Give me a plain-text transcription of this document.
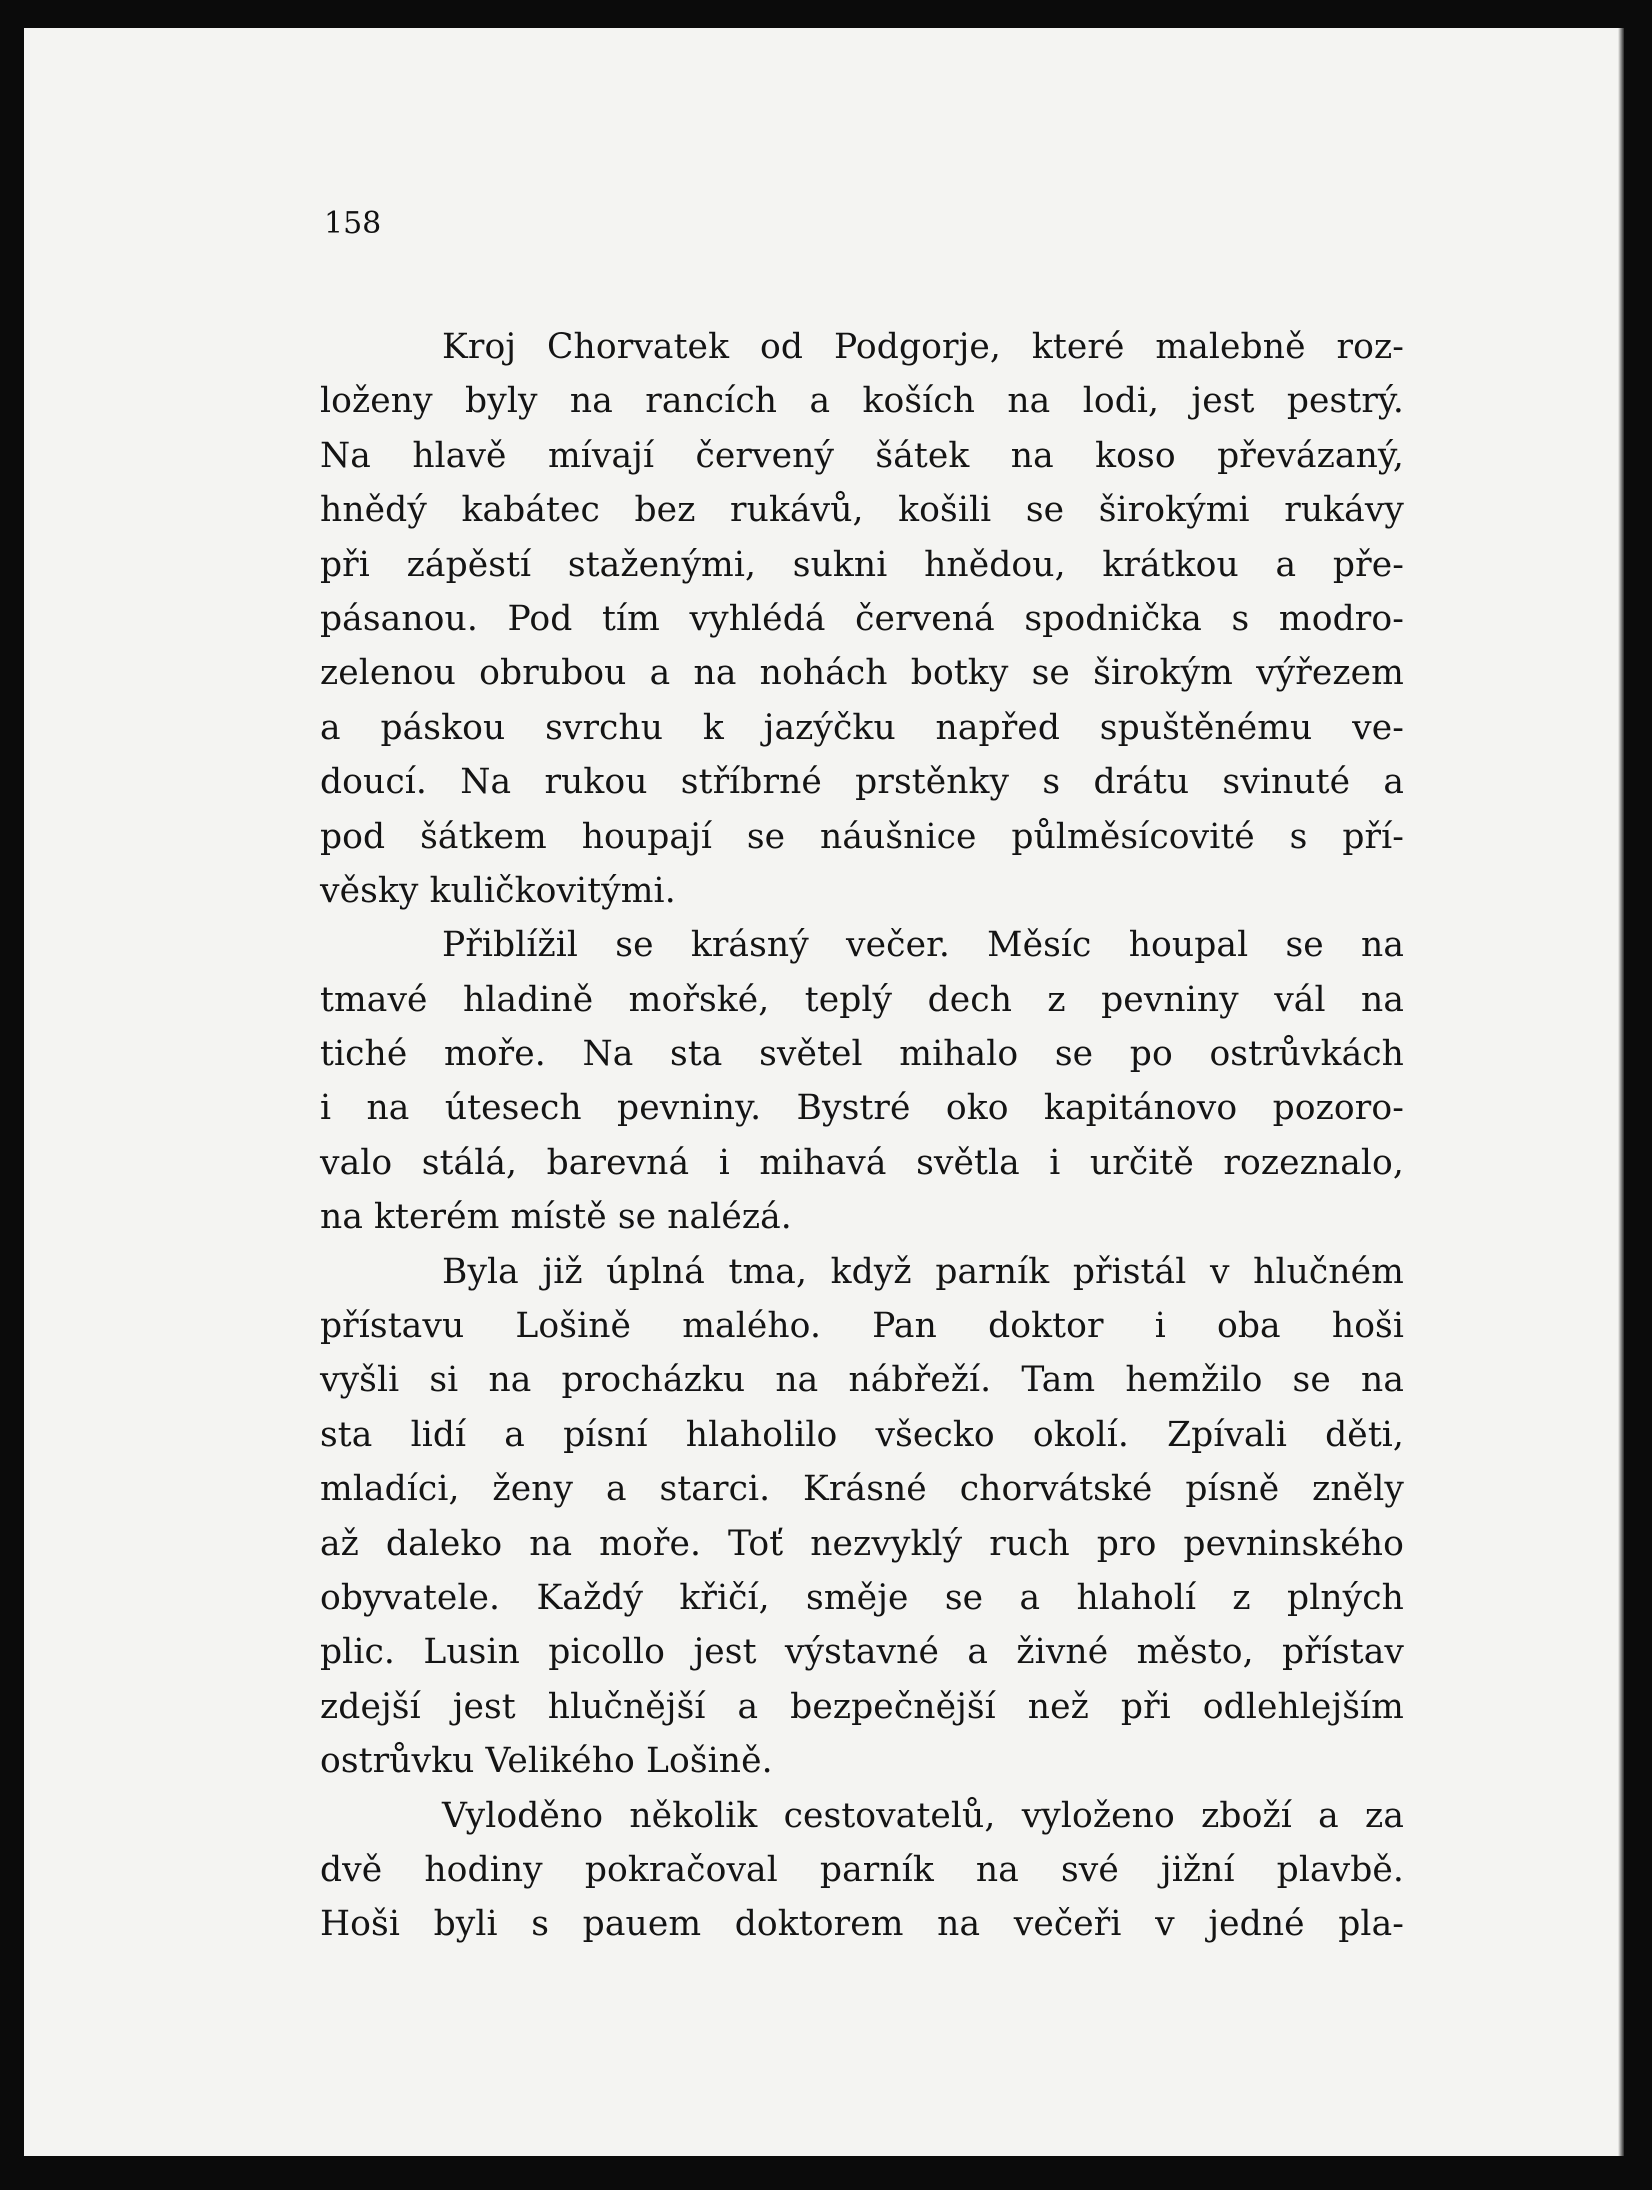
158

Kroj Chorvatek od Podgorje, které malebně roz-
loženy byly na rancích a koších na lodi, jest pestrý.
Na hlavě mívají červený šátek na koso převázaný,
hnědý kabátec bez rukávů, košili se širokými rukávy
při zápěstí staženými, sukni hnědou, krátkou a pře-
pásanou. Pod tím vyhlédá červená spodnička s modro-
zelenou obrubou a na nohách botky se širokým výřezem
a páskou svrchu k jazýčku napřed spuštěnému ve-
doucí. Na rukou stříbrné prstěnky s drátu svinuté a
pod šátkem houpají se náušnice půlměsícovité s pří-
věsky kuličkovitými.
Přiblížil se krásný večer. Měsíc houpal se na
tmavé hladině mořské, teplý dech z pevniny vál na
tiché moře. Na sta světel mihalo se po ostrůvkách
i na útesech pevniny. Bystré oko kapitánovo pozoro-
valo stálá, barevná i mihavá světla i určitě rozeznalo,
na kterém místě se nalézá.
Byla již úplná tma, když parník přistál v hlučném
přístavu Lošině malého. Pan doktor i oba hoši
vyšli si na procházku na nábřeží. Tam hemžilo se na
sta lidí a písní hlaholilo všecko okolí. Zpívali děti,
mladíci, ženy a starci. Krásné chorvátské písně zněly
až daleko na moře. Toť nezvyklý ruch pro pevninského
obyvatele. Každý křičí, směje se a hlaholí z plných
plic. Lusin picollo jest výstavné a živné město, přístav
zdejší jest hlučnější a bezpečnější než při odlehlejším
ostrůvku Velikého Lošině.
Vyloděno několik cestovatelů, vyloženo zboží a za
dvě hodiny pokračoval parník na své jižní plavbě.
Hoši byli s pauem doktorem na večeři v jedné pla-
